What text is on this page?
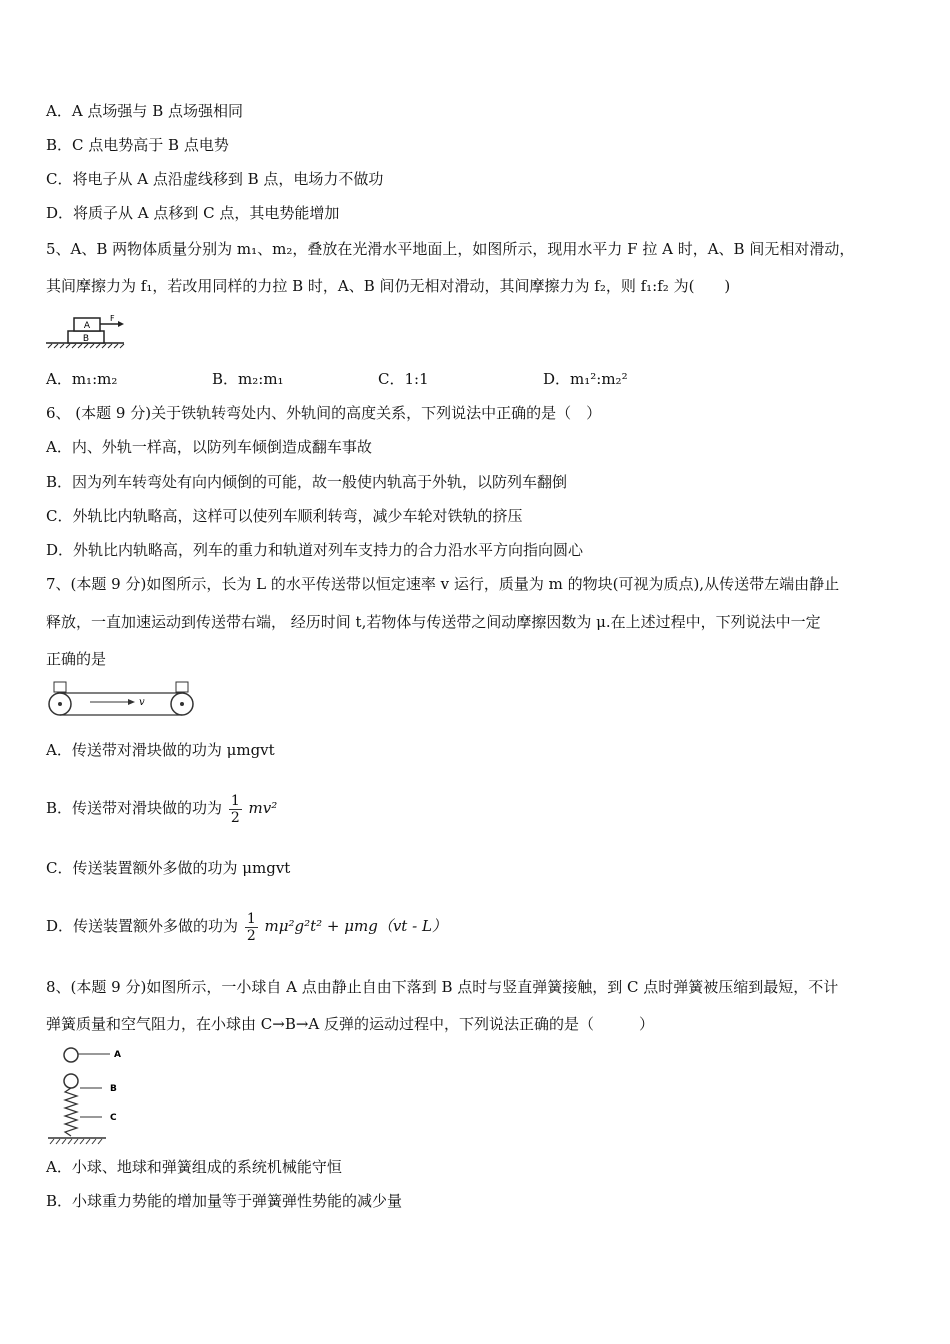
A．A 点场强与 B 点场强相同
B．C 点电势高于 B 点电势
C．将电子从 A 点沿虚线移到 B 点，电场力不做功
D．将质子从 A 点移到 C 点，其电势能增加
5、A、B 两物体质量分别为 m₁、m₂，叠放在光滑水平地面上，如图所示，现用水平力 F 拉 A 时，A、B 间无相对滑动，
其间摩擦力为 f₁，若改用同样的力拉 B 时，A、B 间仍无相对滑动，其间摩擦力为 f₂，则 f₁:f₂ 为(　　)
A
B
F
A．m₁:m₂	B．m₂:m₁	C．1:1	D．m₁²:m₂²
6、 (本题 9 分)关于铁轨转弯处内、外轨间的高度关系，下列说法中正确的是（　）
A．内、外轨一样高，以防列车倾倒造成翻车事故
B．因为列车转弯处有向内倾倒的可能，故一般使内轨高于外轨，以防列车翻倒
C．外轨比内轨略高，这样可以使列车顺利转弯，减少车轮对铁轨的挤压
D．外轨比内轨略高，列车的重力和轨道对列车支持力的合力沿水平方向指向圆心
7、(本题 9 分)如图所示，长为 L 的水平传送带以恒定速率 v 运行，质量为 m 的物块(可视为质点),从传送带左端由静止
释放，一直加速运动到传送带右端， 经历时间 t,若物体与传送带之间动摩擦因数为 μ.在上述过程中，下列说法中一定
正确的是
v
A．传送带对滑块做的功为 μmgvt
B．传送带对滑块做的功为 $\frac{1}{2} mv^2$
C．传送装置额外多做的功为 μmgvt
D．传送装置额外多做的功为 $\frac{1}{2} m\mu^2g^2t^2 + \mu mg(vt - L)$
8、(本题 9 分)如图所示，一小球自 A 点由静止自由下落到 B 点时与竖直弹簧接触，到 C 点时弹簧被压缩到最短，不计
弹簧质量和空气阻力，在小球由 C→B→A 反弹的运动过程中，下列说法正确的是（　　　）
A
B
C
A．小球、地球和弹簧组成的系统机械能守恒
B．小球重力势能的增加量等于弹簧弹性势能的减少量
